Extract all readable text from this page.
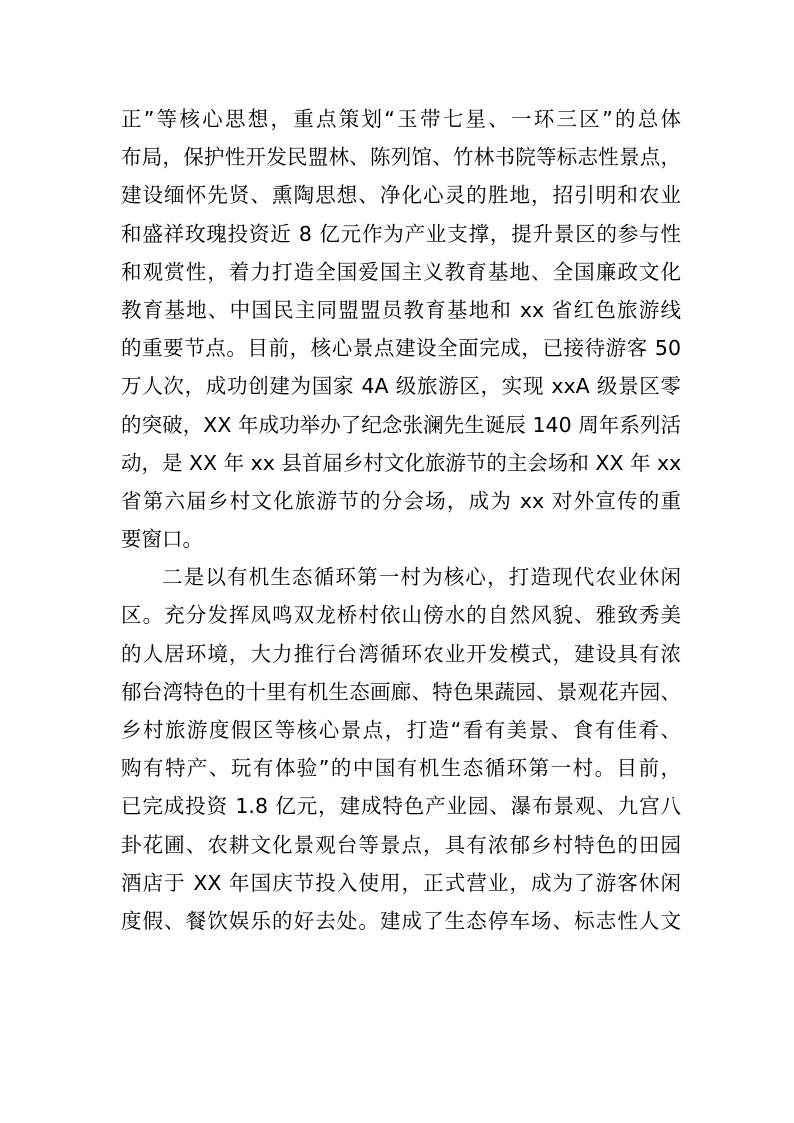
正”等核心思想，重点策划“玉带七星、一环三区”的总体
布局，保护性开发民盟林、陈列馆、竹林书院等标志性景点，
建设缅怀先贤、熏陶思想、净化心灵的胜地，招引明和农业
和盛祥玫瑰投资近 8 亿元作为产业支撑，提升景区的参与性
和观赏性，着力打造全国爱国主义教育基地、全国廉政文化
教育基地、中国民主同盟盟员教育基地和 xx 省红色旅游线
的重要节点。目前，核心景点建设全面完成，已接待游客 50
万人次，成功创建为国家 4A 级旅游区，实现 xxA 级景区零
的突破，XX 年成功举办了纪念张澜先生诞辰 140 周年系列活
动，是 XX 年 xx 县首届乡村文化旅游节的主会场和 XX 年 xx
省第六届乡村文化旅游节的分会场，成为 xx 对外宣传的重
要窗口。
二是以有机生态循环第一村为核心，打造现代农业休闲
区。充分发挥凤鸣双龙桥村依山傍水的自然风貌、雅致秀美
的人居环境，大力推行台湾循环农业开发模式，建设具有浓
郁台湾特色的十里有机生态画廊、特色果蔬园、景观花卉园、
乡村旅游度假区等核心景点，打造“看有美景、食有佳肴、
购有特产、玩有体验”的中国有机生态循环第一村。目前，
已完成投资 1.8 亿元，建成特色产业园、瀑布景观、九宫八
卦花圃、农耕文化景观台等景点，具有浓郁乡村特色的田园
酒店于 XX 年国庆节投入使用，正式营业，成为了游客休闲
度假、餐饮娱乐的好去处。建成了生态停车场、标志性人文
